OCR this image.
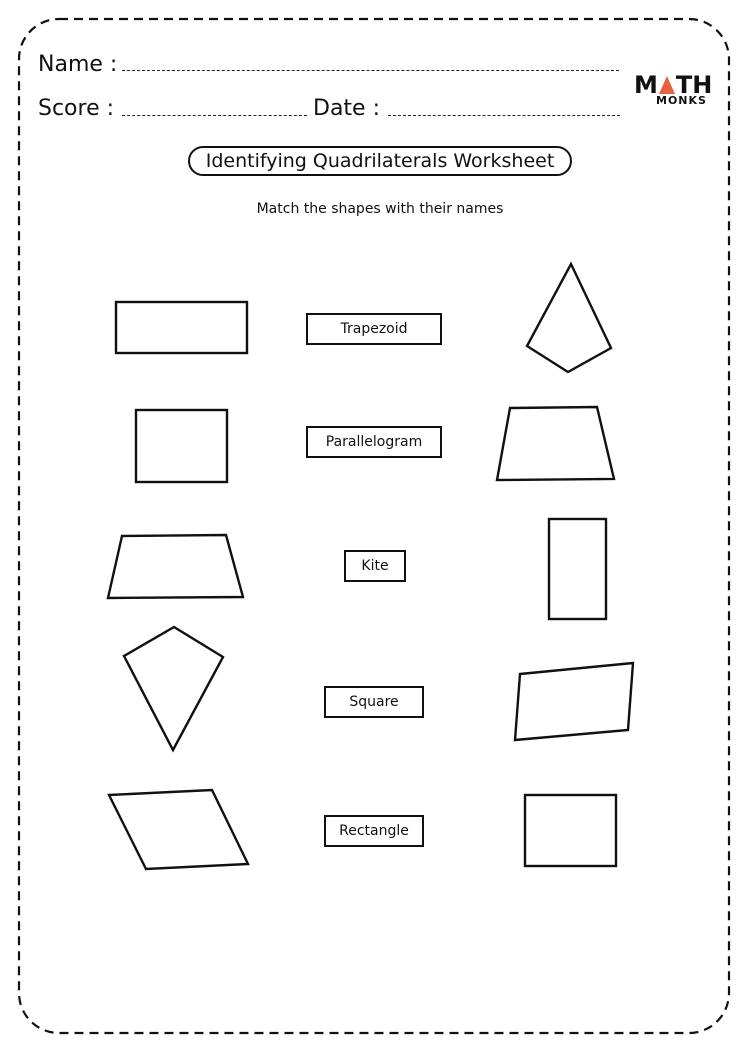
Name :
Score :	Date :
M TH
MONKS
Identifying Quadrilaterals Worksheet
Match the shapes with their names
Trapezoid
Parallelogram
Kite
Square
Rectangle
